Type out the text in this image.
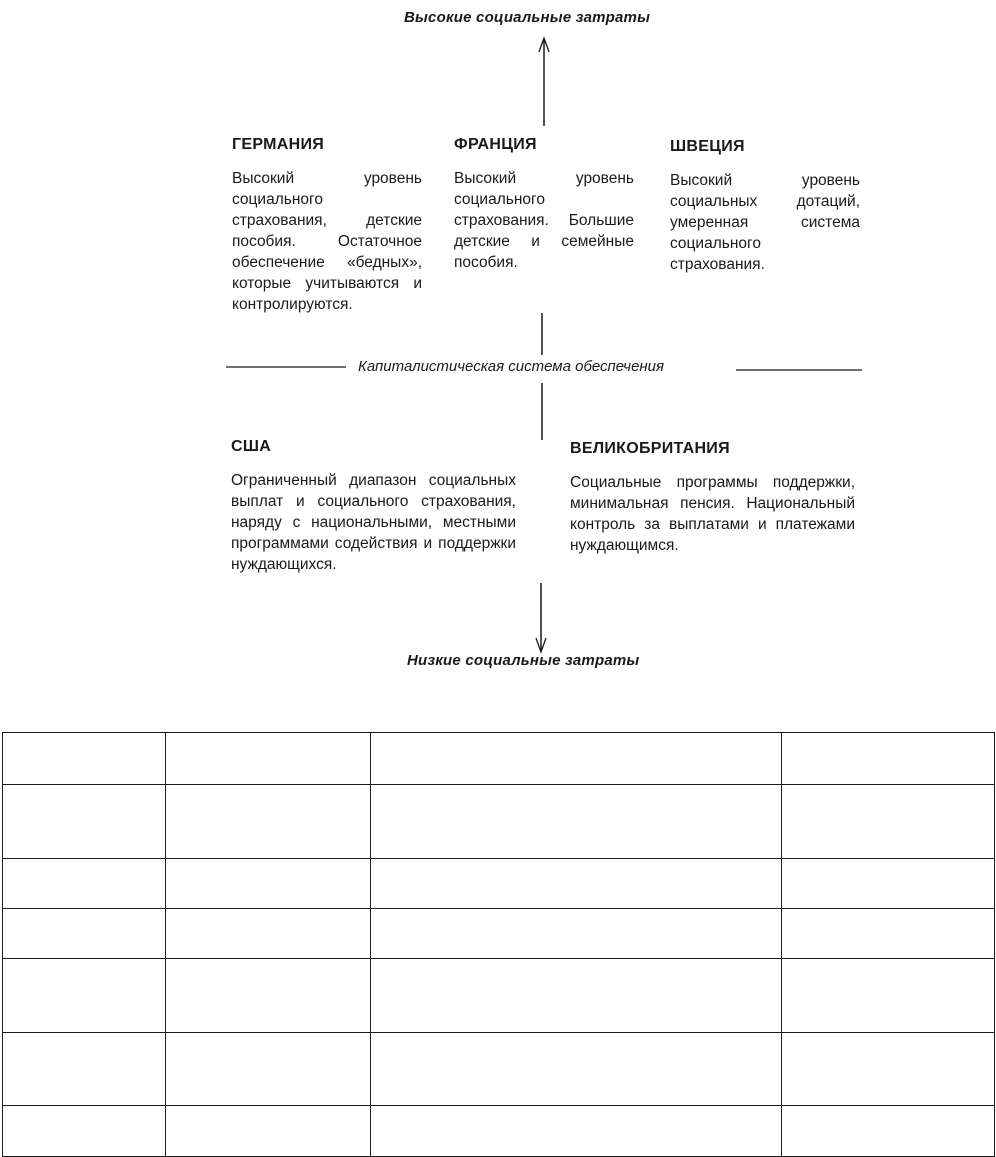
Высокие социальные затраты
Капиталистическая система обеспечения
Низкие социальные затраты

ГЕРМАНИЯ

Высокий уровень социального страхования, детские пособия. Остаточное обеспечение «бедных», которые учитываются и контролируются.

ФРАНЦИЯ

Высокий уровень социального страхования. Большие детские и семейные пособия.

ШВЕЦИЯ

Высокий уровень социальных дотаций, умеренная система социального страхования.

США

Ограниченный диапазон социальных выплат и социального страхования, наряду с национальными, местными программами содействия и поддержки нуждающихся.

ВЕЛИКОБРИТАНИЯ

Социальные программы поддержки, минимальная пенсия. Национальный контроль за выплатами и платежами нуждающимся.
